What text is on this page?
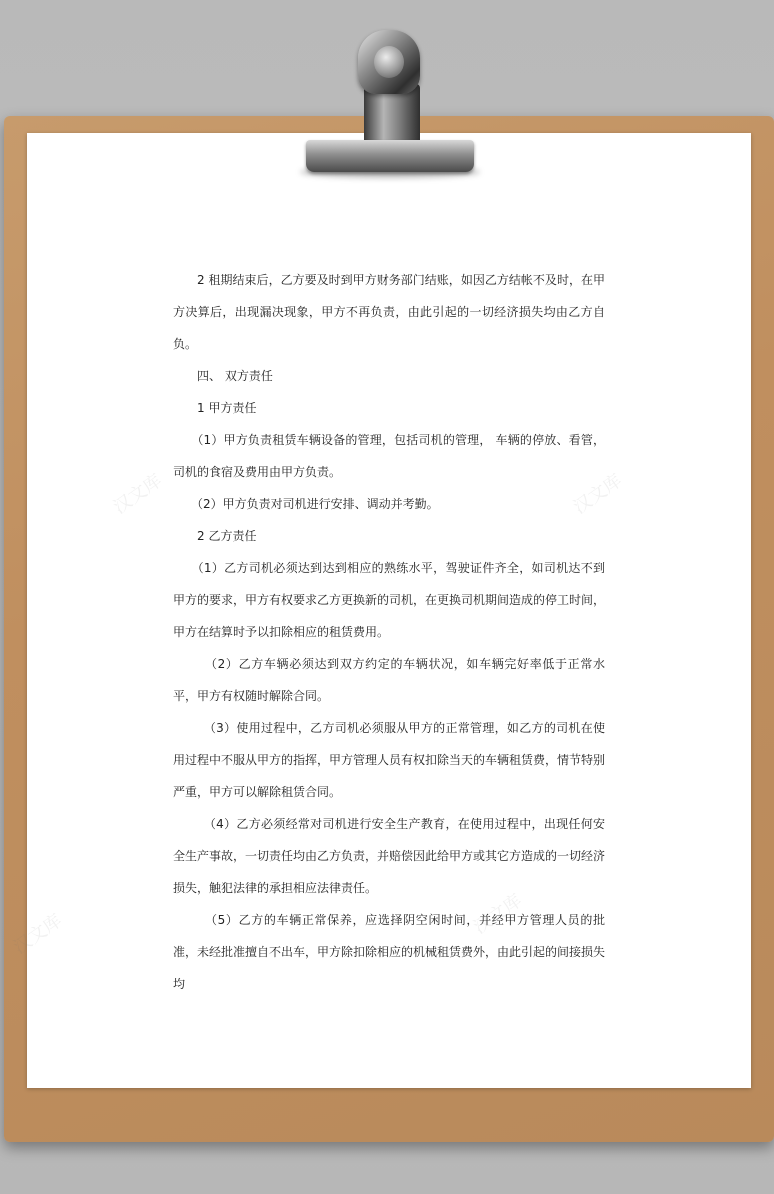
汉文库	汉文库
汉文库	汉文库

　　2 租期结束后，乙方要及时到甲方财务部门结账，如因乙方结帐不及时，在甲方决算后，出现漏决现象，甲方不再负责，由此引起的一切经济损失均由乙方自负。

　　四、 双方责任

　　1 甲方责任

　　（1）甲方负责租赁车辆设备的管理，包括司机的管理， 车辆的停放、看管，司机的食宿及费用由甲方负责。

　　（2）甲方负责对司机进行安排、调动并考勤。

　　2 乙方责任

　　（1）乙方司机必须达到达到相应的熟练水平，驾驶证件齐全，如司机达不到甲方的要求，甲方有权要求乙方更换新的司机，在更换司机期间造成的停工时间，甲方在结算时予以扣除相应的租赁费用。

　　　（2）乙方车辆必须达到双方约定的车辆状况，如车辆完好率低于正常水平，甲方有权随时解除合同。

　　　（3）使用过程中，乙方司机必须服从甲方的正常管理，如乙方的司机在使用过程中不服从甲方的指挥，甲方管理人员有权扣除当天的车辆租赁费，情节特别严重，甲方可以解除租赁合同。

　　　（4）乙方必须经常对司机进行安全生产教育，在使用过程中，出现任何安全生产事故，一切责任均由乙方负责，并赔偿因此给甲方或其它方造成的一切经济损失，触犯法律的承担相应法律责任。

　　　（5）乙方的车辆正常保养，应选择阴空闲时间，并经甲方管理人员的批准，未经批准擅自不出车，甲方除扣除相应的机械租赁费外，由此引起的间接损失均
